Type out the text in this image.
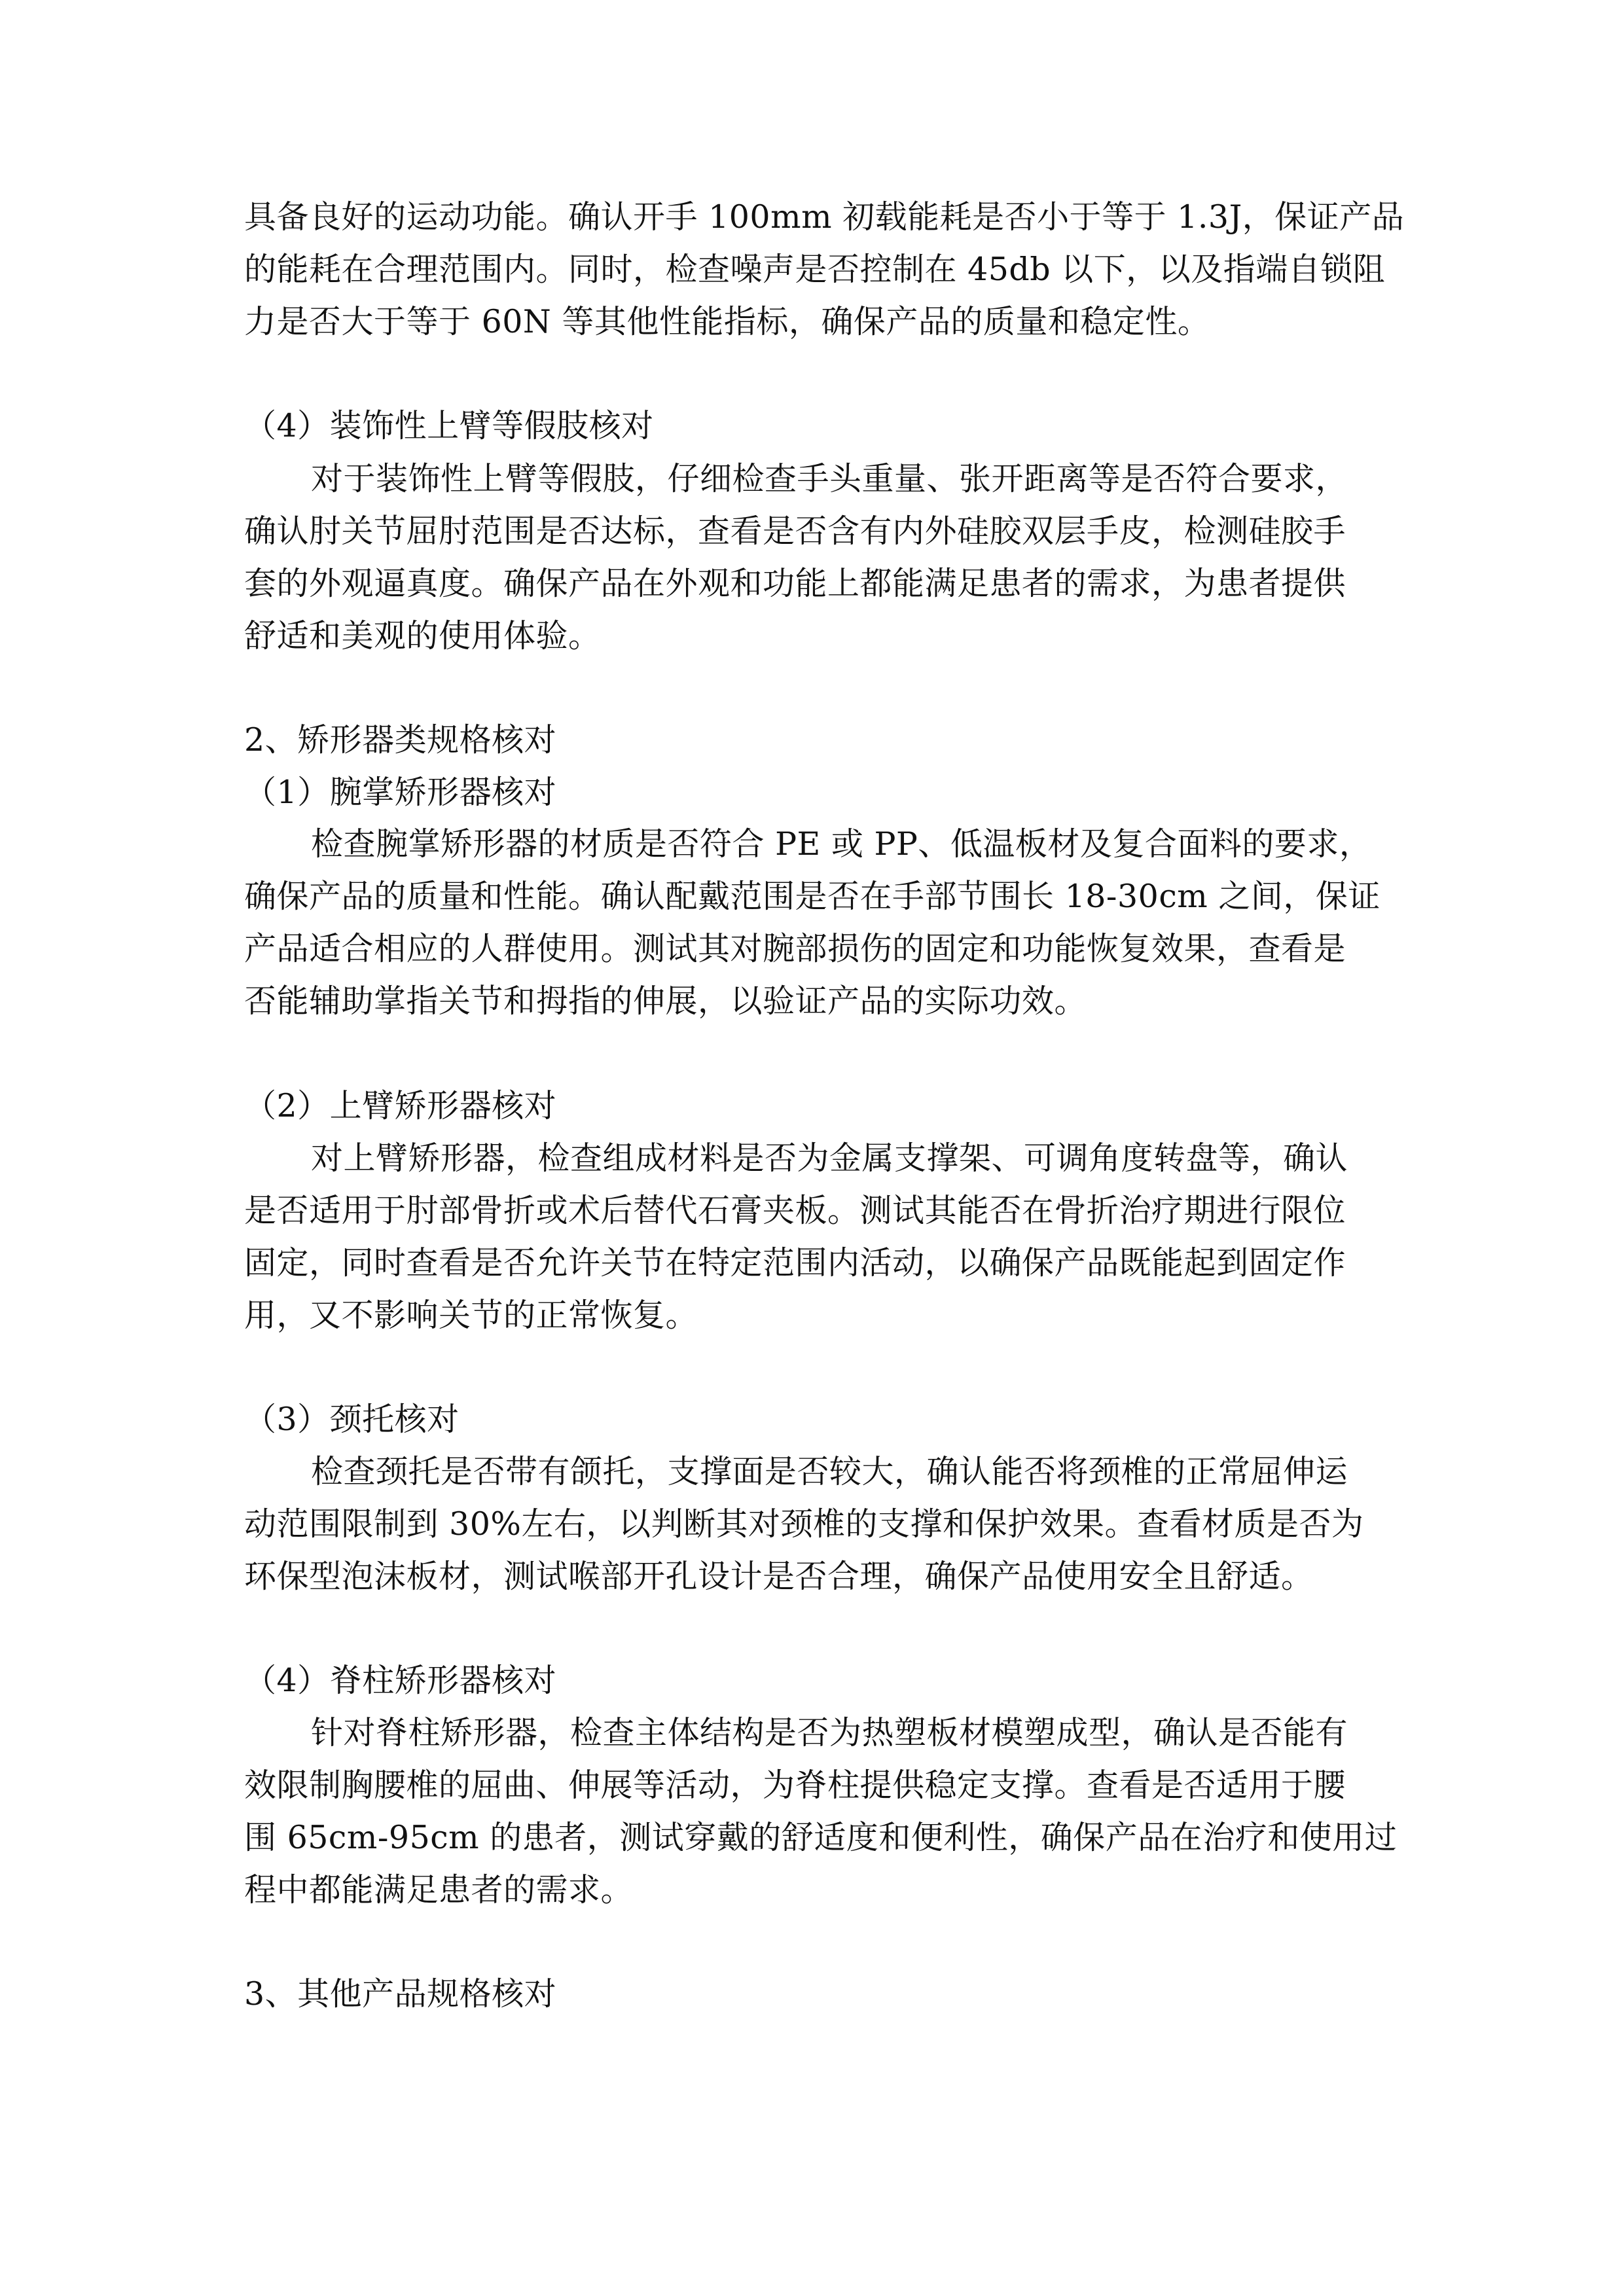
具备良好的运动功能。确认开手 100mm 初载能耗是否小于等于 1.3J，保证产品
的能耗在合理范围内。同时，检查噪声是否控制在 45db 以下，以及指端自锁阻
力是否大于等于 60N 等其他性能指标，确保产品的质量和稳定性。
（4）装饰性上臂等假肢核对
对于装饰性上臂等假肢，仔细检查手头重量、张开距离等是否符合要求，
确认肘关节屈肘范围是否达标，查看是否含有内外硅胶双层手皮，检测硅胶手
套的外观逼真度。确保产品在外观和功能上都能满足患者的需求，为患者提供
舒适和美观的使用体验。
2、矫形器类规格核对
（1）腕掌矫形器核对
检查腕掌矫形器的材质是否符合 PE 或 PP、低温板材及复合面料的要求，
确保产品的质量和性能。确认配戴范围是否在手部节围长 18-30cm 之间，保证
产品适合相应的人群使用。测试其对腕部损伤的固定和功能恢复效果，查看是
否能辅助掌指关节和拇指的伸展，以验证产品的实际功效。
（2）上臂矫形器核对
对上臂矫形器，检查组成材料是否为金属支撑架、可调角度转盘等，确认
是否适用于肘部骨折或术后替代石膏夹板。测试其能否在骨折治疗期进行限位
固定，同时查看是否允许关节在特定范围内活动，以确保产品既能起到固定作
用，又不影响关节的正常恢复。
（3）颈托核对
检查颈托是否带有颌托，支撑面是否较大，确认能否将颈椎的正常屈伸运
动范围限制到 30%左右，以判断其对颈椎的支撑和保护效果。查看材质是否为
环保型泡沫板材，测试喉部开孔设计是否合理，确保产品使用安全且舒适。
（4）脊柱矫形器核对
针对脊柱矫形器，检查主体结构是否为热塑板材模塑成型，确认是否能有
效限制胸腰椎的屈曲、伸展等活动，为脊柱提供稳定支撑。查看是否适用于腰
围 65cm-95cm 的患者，测试穿戴的舒适度和便利性，确保产品在治疗和使用过
程中都能满足患者的需求。
3、其他产品规格核对
